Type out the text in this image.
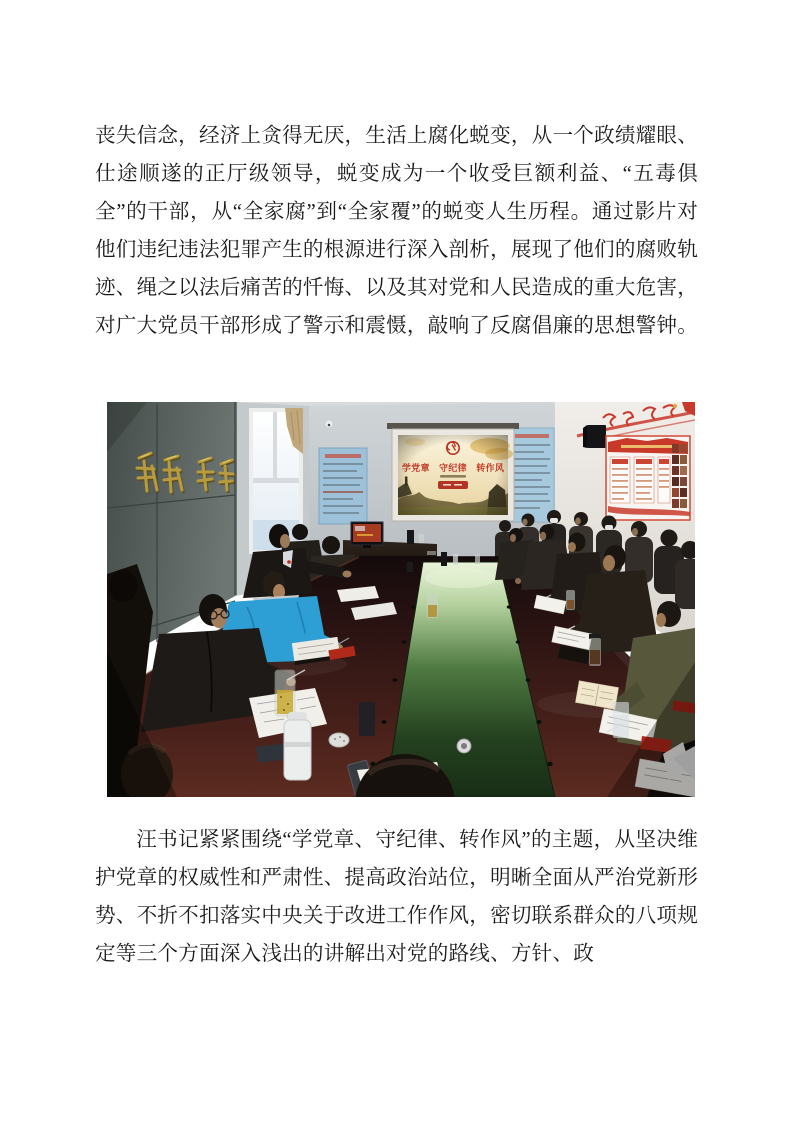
丧失信念，经济上贪得无厌，生活上腐化蜕变，从一个政绩耀眼、仕途顺遂的正厅级领导，蜕变成为一个收受巨额利益、“五毒俱全”的干部，从“全家腐”到“全家覆”的蜕变人生历程。通过影片对他们违纪违法犯罪产生的根源进行深入剖析，展现了他们的腐败轨迹、绳之以法后痛苦的忏悔、以及其对党和人民造成的重大危害，对广大党员干部形成了警示和震慑，敲响了反腐倡廉的思想警钟。

汪书记紧紧围绕“学党章、守纪律、转作风”的主题，从坚决维护党章的权威性和严肃性、提高政治站位，明晰全面从严治党新形势、不折不扣落实中央关于改进工作作风，密切联系群众的八项规定等三个方面深入浅出的讲解出对党的路线、方针、政
